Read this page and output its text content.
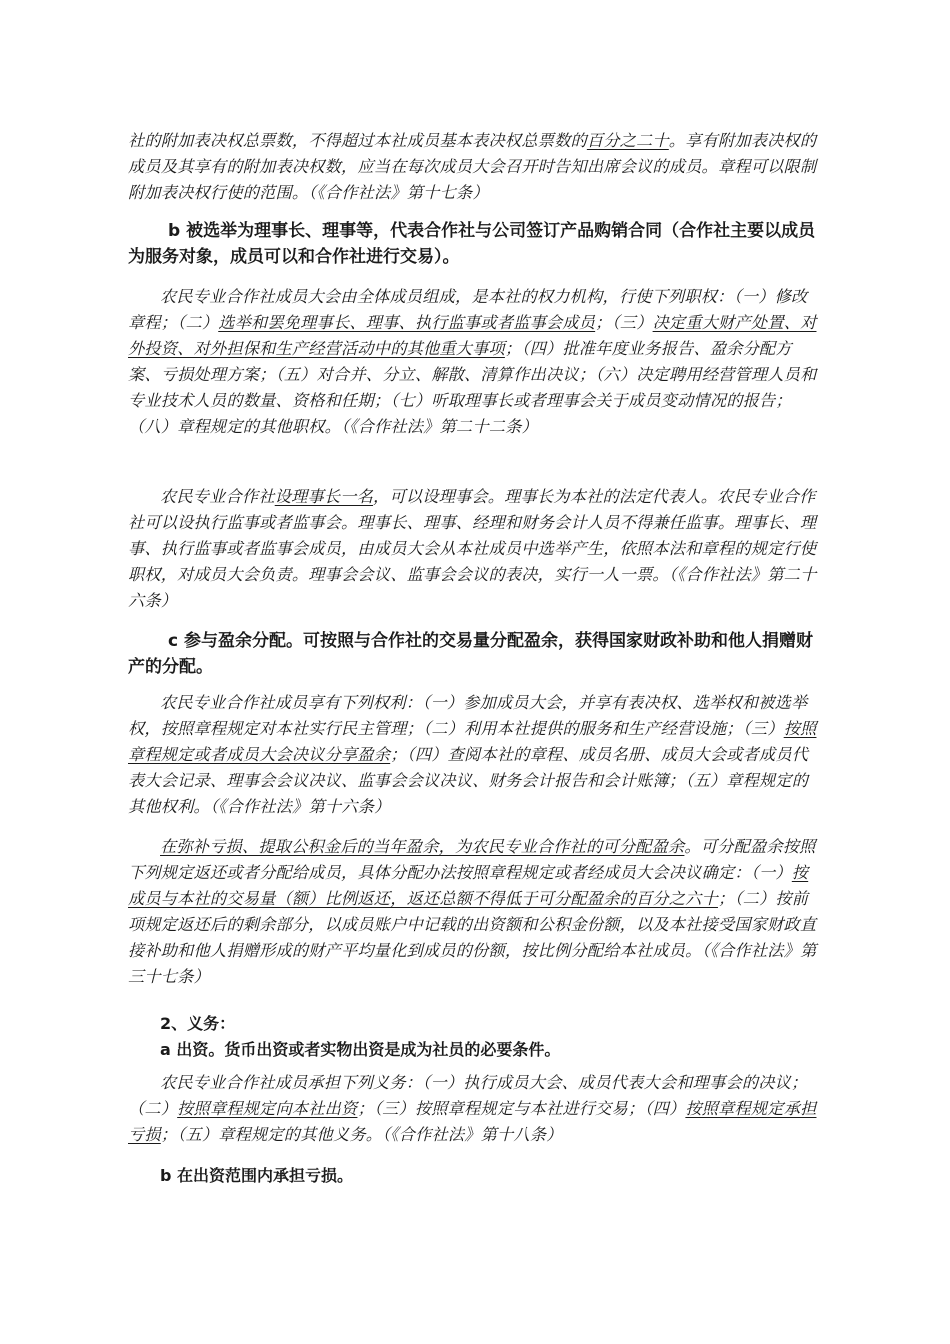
社的附加表决权总票数，不得超过本社成员基本表决权总票数的百分之二十。享有附加表决权的成员及其享有的附加表决权数，应当在每次成员大会召开时告知出席会议的成员。章程可以限制附加表决权行使的范围。（《合作社法》第十七条）

b 被选举为理事长、理事等，代表合作社与公司签订产品购销合同（合作社主要以成员为服务对象，成员可以和合作社进行交易）。

农民专业合作社成员大会由全体成员组成，是本社的权力机构，行使下列职权：（一）修改章程；（二）选举和罢免理事长、理事、执行监事或者监事会成员；（三）决定重大财产处置、对外投资、对外担保和生产经营活动中的其他重大事项；（四）批准年度业务报告、盈余分配方案、亏损处理方案；（五）对合并、分立、解散、清算作出决议；（六）决定聘用经营管理人员和专业技术人员的数量、资格和任期；（七）听取理事长或者理事会关于成员变动情况的报告；（八）章程规定的其他职权。（《合作社法》第二十二条）

农民专业合作社设理事长一名，可以设理事会。理事长为本社的法定代表人。农民专业合作社可以设执行监事或者监事会。理事长、理事、经理和财务会计人员不得兼任监事。理事长、理事、执行监事或者监事会成员，由成员大会从本社成员中选举产生，依照本法和章程的规定行使职权，对成员大会负责。理事会会议、监事会会议的表决，实行一人一票。（《合作社法》第二十六条）

c 参与盈余分配。可按照与合作社的交易量分配盈余，获得国家财政补助和他人捐赠财产的分配。

农民专业合作社成员享有下列权利：（一）参加成员大会，并享有表决权、选举权和被选举权，按照章程规定对本社实行民主管理；（二）利用本社提供的服务和生产经营设施；（三）按照章程规定或者成员大会决议分享盈余；（四）查阅本社的章程、成员名册、成员大会或者成员代表大会记录、理事会会议决议、监事会会议决议、财务会计报告和会计账簿；（五）章程规定的其他权利。（《合作社法》第十六条）

在弥补亏损、提取公积金后的当年盈余，为农民专业合作社的可分配盈余。可分配盈余按照下列规定返还或者分配给成员，具体分配办法按照章程规定或者经成员大会决议确定：（一）按成员与本社的交易量（额）比例返还，返还总额不得低于可分配盈余的百分之六十；（二）按前项规定返还后的剩余部分，以成员账户中记载的出资额和公积金份额，以及本社接受国家财政直接补助和他人捐赠形成的财产平均量化到成员的份额，按比例分配给本社成员。（《合作社法》第三十七条）

2、义务：

a 出资。货币出资或者实物出资是成为社员的必要条件。

农民专业合作社成员承担下列义务：（一）执行成员大会、成员代表大会和理事会的决议；（二）按照章程规定向本社出资；（三）按照章程规定与本社进行交易；（四）按照章程规定承担亏损；（五）章程规定的其他义务。（《合作社法》第十八条）

b 在出资范围内承担亏损。
